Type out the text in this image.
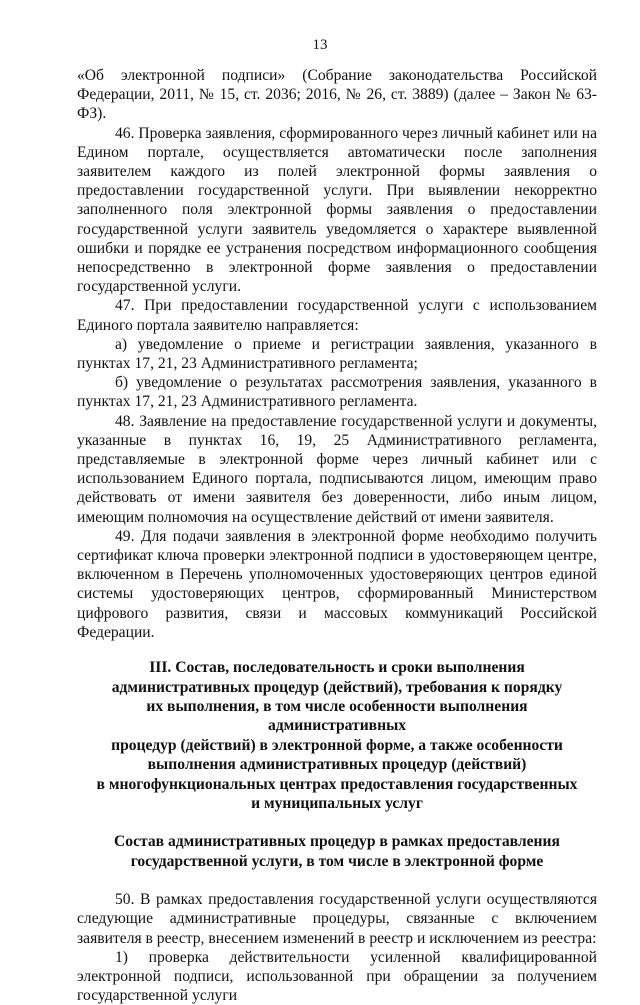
13

«Об электронной подписи» (Собрание законодательства Российской Федерации, 2011, № 15, ст. 2036; 2016, № 26, ст. 3889) (далее – Закон № 63-ФЗ).

46. Проверка заявления, сформированного через личный кабинет или на Едином портале, осуществляется автоматически после заполнения заявителем каждого из полей электронной формы заявления о предоставлении государственной услуги. При выявлении некорректно заполненного поля электронной формы заявления о предоставлении государственной услуги заявитель уведомляется о характере выявленной ошибки и порядке ее устранения посредством информационного сообщения непосредственно в электронной форме заявления о предоставлении государственной услуги.

47. При предоставлении государственной услуги с использованием Единого портала заявителю направляется:

а) уведомление о приеме и регистрации заявления, указанного в пунктах 17, 21, 23 Административного регламента;

б) уведомление о результатах рассмотрения заявления, указанного в пунктах 17, 21, 23 Административного регламента.

48. Заявление на предоставление государственной услуги и документы, указанные в пунктах 16, 19, 25 Административного регламента, представляемые в электронной форме через личный кабинет или с использованием Единого портала, подписываются лицом, имеющим право действовать от имени заявителя без доверенности, либо иным лицом, имеющим полномочия на осуществление действий от имени заявителя.

49. Для подачи заявления в электронной форме необходимо получить сертификат ключа проверки электронной подписи в удостоверяющем центре, включенном в Перечень уполномоченных удостоверяющих центров единой системы удостоверяющих центров, сформированный Министерством цифрового развития, связи и массовых коммуникаций Российской Федерации.

III. Состав, последовательность и сроки выполнения

административных процедур (действий), требования к порядку

их выполнения, в том числе особенности выполнения административных

процедур (действий) в электронной форме, а также особенности

выполнения административных процедур (действий)

в многофункциональных центрах предоставления государственных

и муниципальных услуг

Состав административных процедур в рамках предоставления

государственной услуги, в том числе в электронной форме

50. В рамках предоставления государственной услуги осуществляются следующие административные процедуры, связанные с включением заявителя в реестр, внесением изменений в реестр и исключением из реестра:

1) проверка действительности усиленной квалифицированной электронной подписи, использованной при обращении за получением государственной услуги
